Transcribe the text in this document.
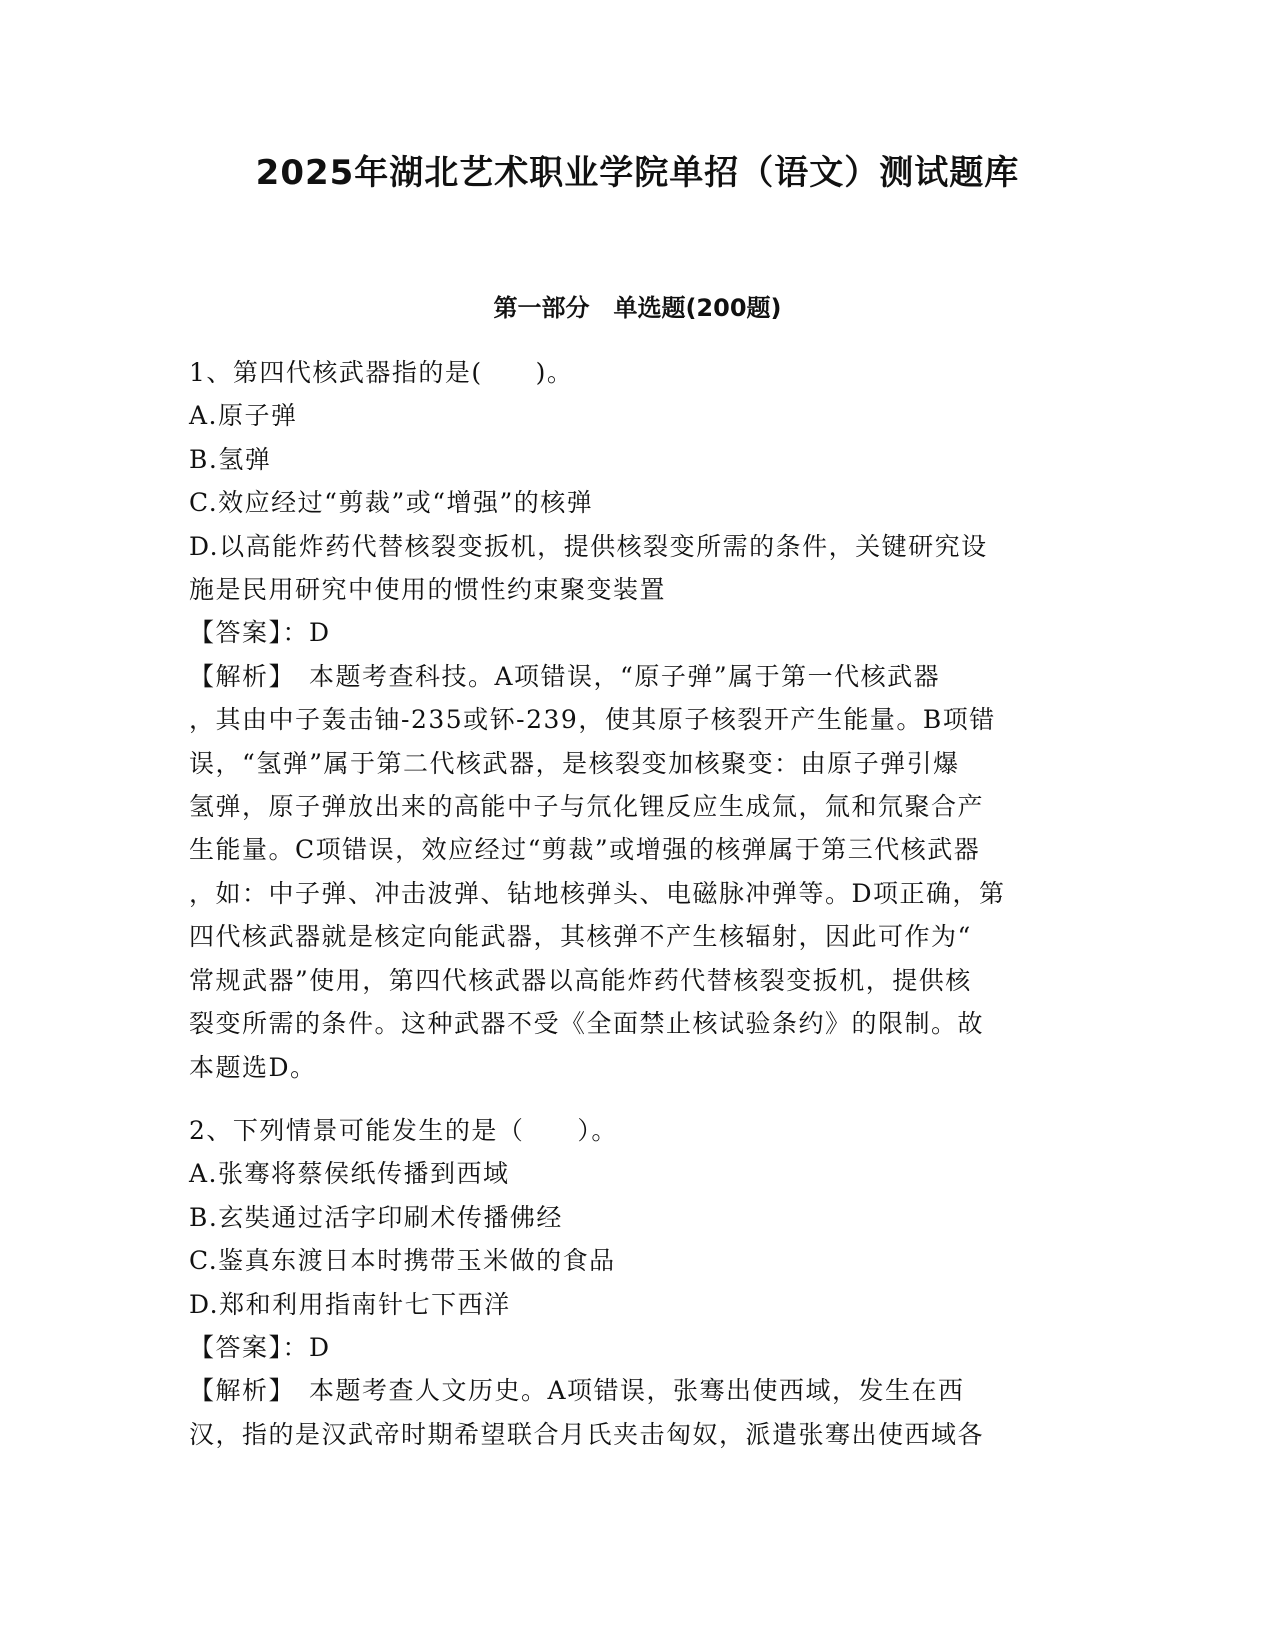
2025年湖北艺术职业学院单招（语文）测试题库
第一部分　单选题(200题)

1、第四代核武器指的是(　　)。

A.原子弹

B.氢弹

C.效应经过“剪裁”或“增强”的核弹

D.以高能炸药代替核裂变扳机，提供核裂变所需的条件，关键研究设

施是民用研究中使用的惯性约束聚变装置

【答案】：D

【解析】　本题考查科技。A项错误，“原子弹”属于第一代核武器

，其由中子轰击铀-235或钚-239，使其原子核裂开产生能量。B项错

误，“氢弹”属于第二代核武器，是核裂变加核聚变：由原子弹引爆

氢弹，原子弹放出来的高能中子与氘化锂反应生成氚，氚和氘聚合产

生能量。C项错误，效应经过“剪裁”或增强的核弹属于第三代核武器

，如：中子弹、冲击波弹、钻地核弹头、电磁脉冲弹等。D项正确，第

四代核武器就是核定向能武器，其核弹不产生核辐射，因此可作为“

常规武器”使用，第四代核武器以高能炸药代替核裂变扳机，提供核

裂变所需的条件。这种武器不受《全面禁止核试验条约》的限制。故

本题选D。

2、下列情景可能发生的是（　　）。

A.张骞将蔡侯纸传播到西域

B.玄奘通过活字印刷术传播佛经

C.鉴真东渡日本时携带玉米做的食品

D.郑和利用指南针七下西洋

【答案】：D

【解析】　本题考查人文历史。A项错误，张骞出使西域，发生在西

汉，指的是汉武帝时期希望联合月氏夹击匈奴，派遣张骞出使西域各
